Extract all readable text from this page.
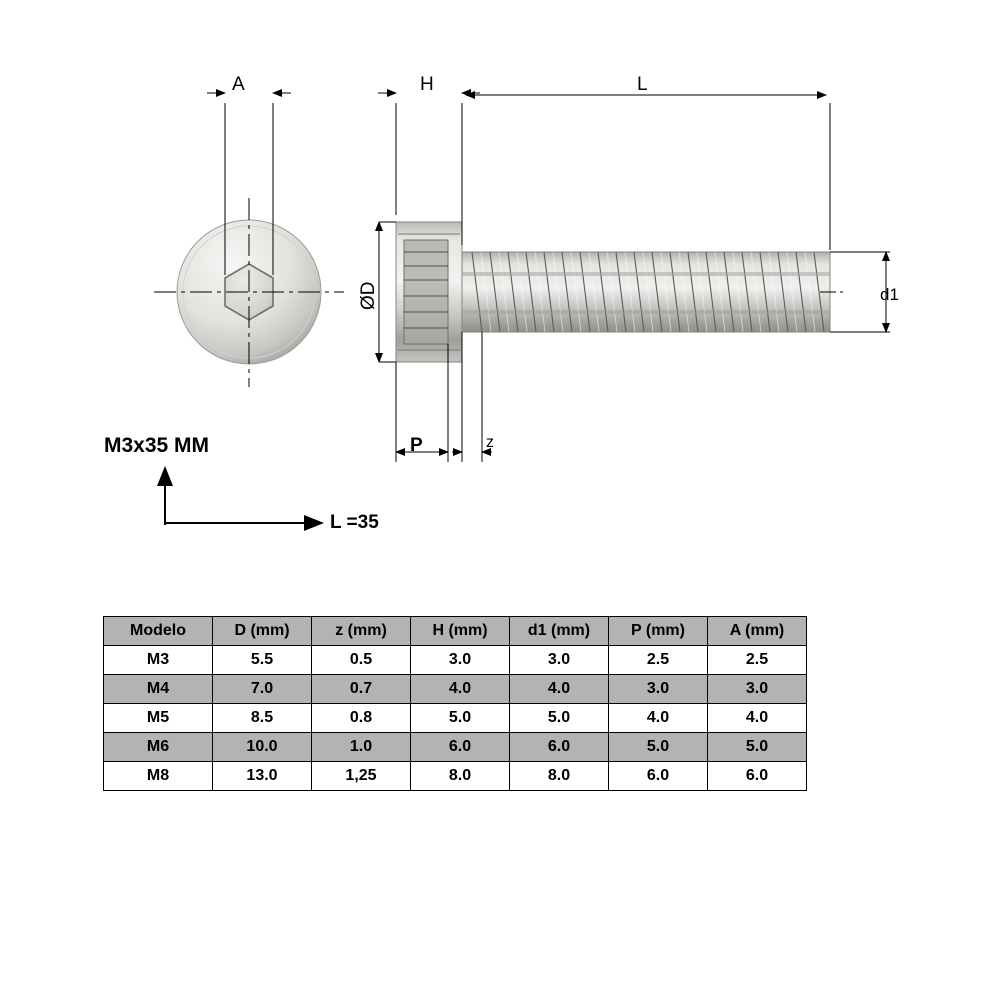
A	H	L
ØD	d1
P	z
M3x35 MM
L =35
Modelo	D (mm)	z (mm)	H (mm)	d1 (mm)	P (mm)	A (mm)
M3	5.5	0.5	3.0	3.0	2.5	2.5
M4	7.0	0.7	4.0	4.0	3.0	3.0
M5	8.5	0.8	5.0	5.0	4.0	4.0
M6	10.0	1.0	6.0	6.0	5.0	5.0
M8	13.0	1,25	8.0	8.0	6.0	6.0
